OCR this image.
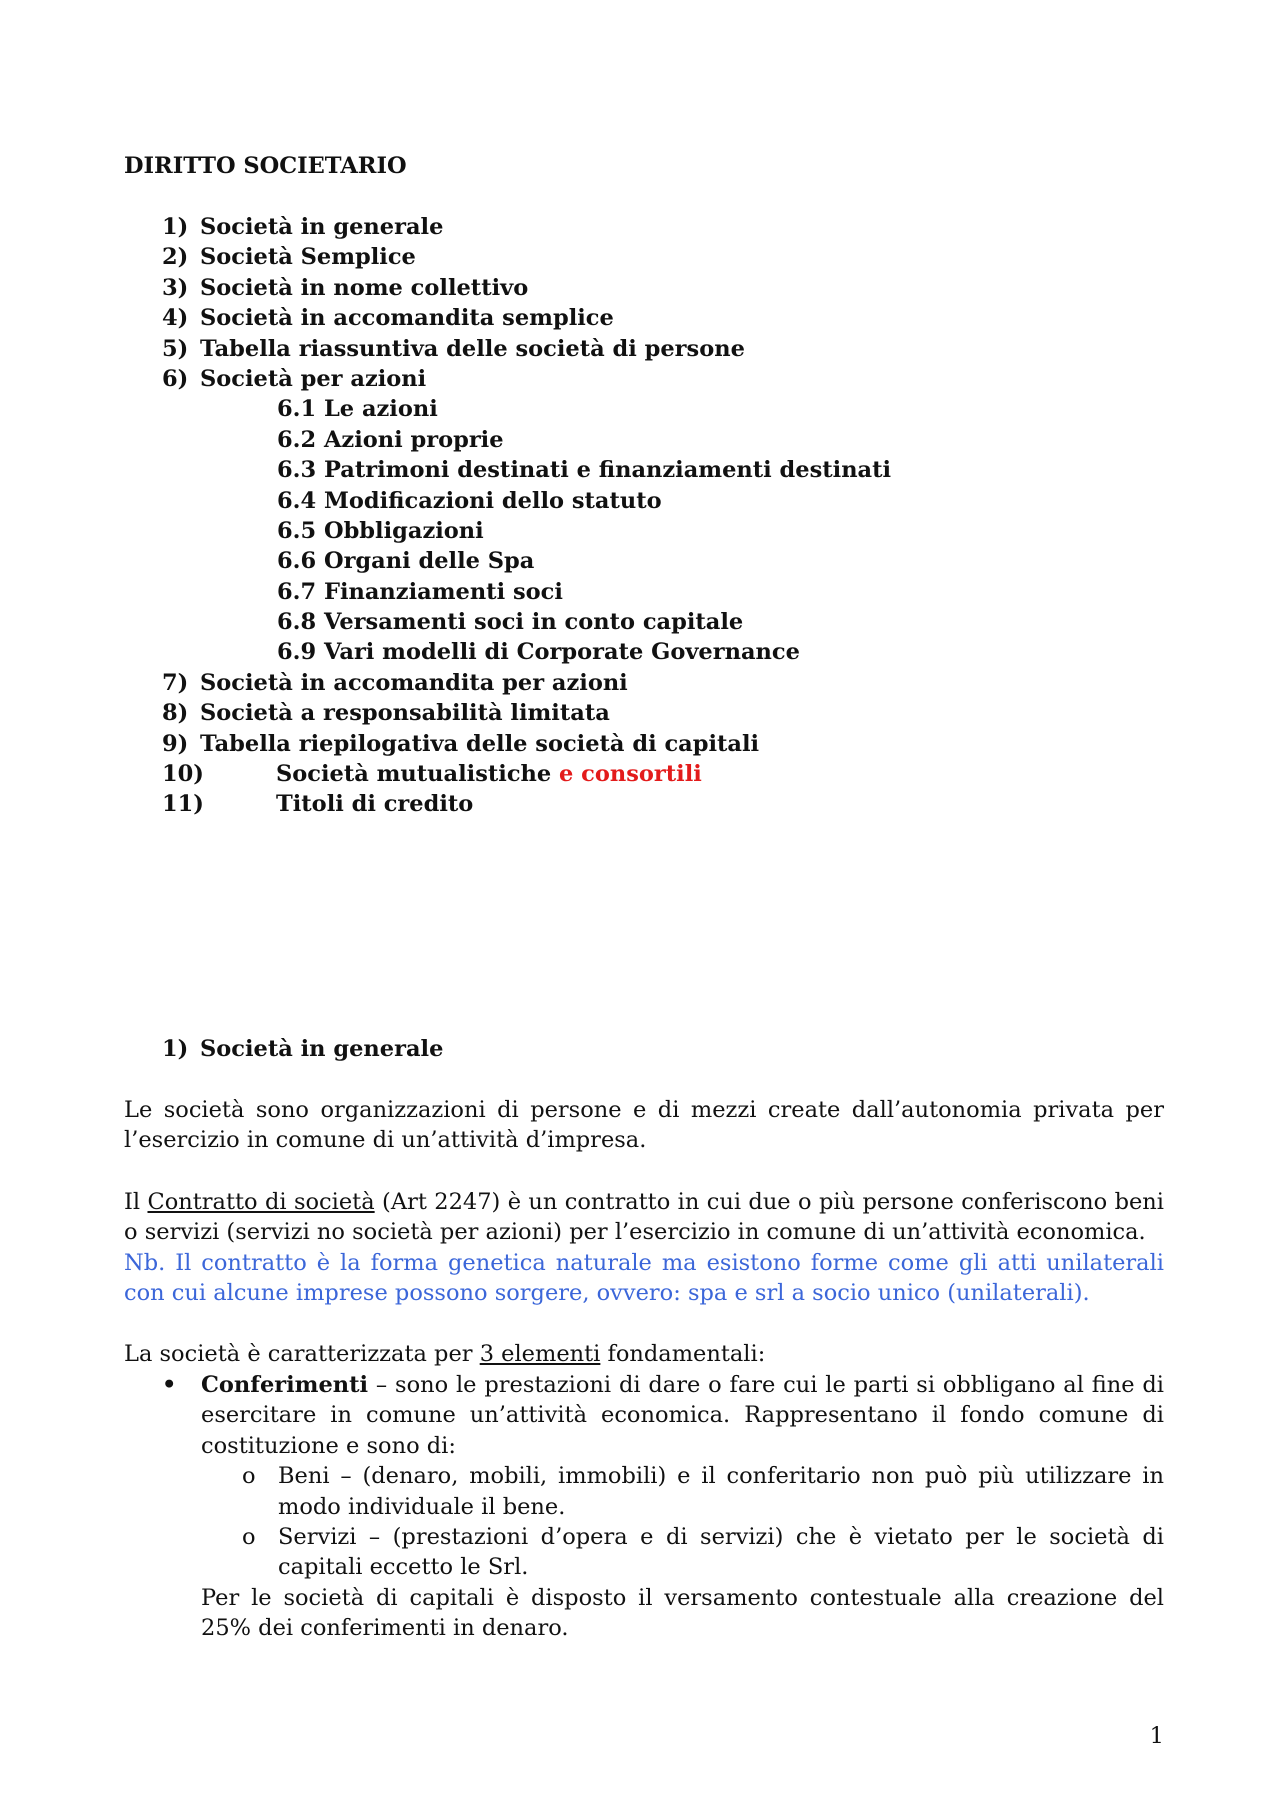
DIRITTO SOCIETARIO
1) Società in generale
2) Società Semplice
3) Società in nome collettivo
4) Società in accomandita semplice
5) Tabella riassuntiva delle società di persone
6) Società per azioni
6.1 Le azioni
6.2 Azioni proprie
6.3 Patrimoni destinati e finanziamenti destinati
6.4 Modificazioni dello statuto
6.5 Obbligazioni
6.6 Organi delle Spa
6.7 Finanziamenti soci
6.8 Versamenti soci in conto capitale
6.9 Vari modelli di Corporate Governance
7) Società in accomandita per azioni
8) Società a responsabilità limitata
9) Tabella riepilogativa delle società di capitali
10)	Società mutualistiche e consortili
11)	Titoli di credito
1) Società in generale
Le società sono organizzazioni di persone e di mezzi create dall’autonomia privata per l’esercizio in comune di un’attività d’impresa.
Il Contratto di società (Art 2247) è un contratto in cui due o più persone conferiscono beni o servizi (servizi no società per azioni) per l’esercizio in comune di un’attività economica.
Nb. Il contratto è la forma genetica naturale ma esistono forme come gli atti unilaterali con cui alcune imprese possono sorgere, ovvero: spa e srl a socio unico (unilaterali).
La società è caratterizzata per 3 elementi fondamentali:
• Conferimenti – sono le prestazioni di dare o fare cui le parti si obbligano al fine di esercitare in comune un’attività economica. Rappresentano il fondo comune di costituzione e sono di:
o Beni – (denaro, mobili, immobili) e il conferitario non può più utilizzare in modo individuale il bene.
o Servizi – (prestazioni d’opera e di servizi) che è vietato per le società di capitali eccetto le Srl.
Per le società di capitali è disposto il versamento contestuale alla creazione del 25% dei conferimenti in denaro.
1
